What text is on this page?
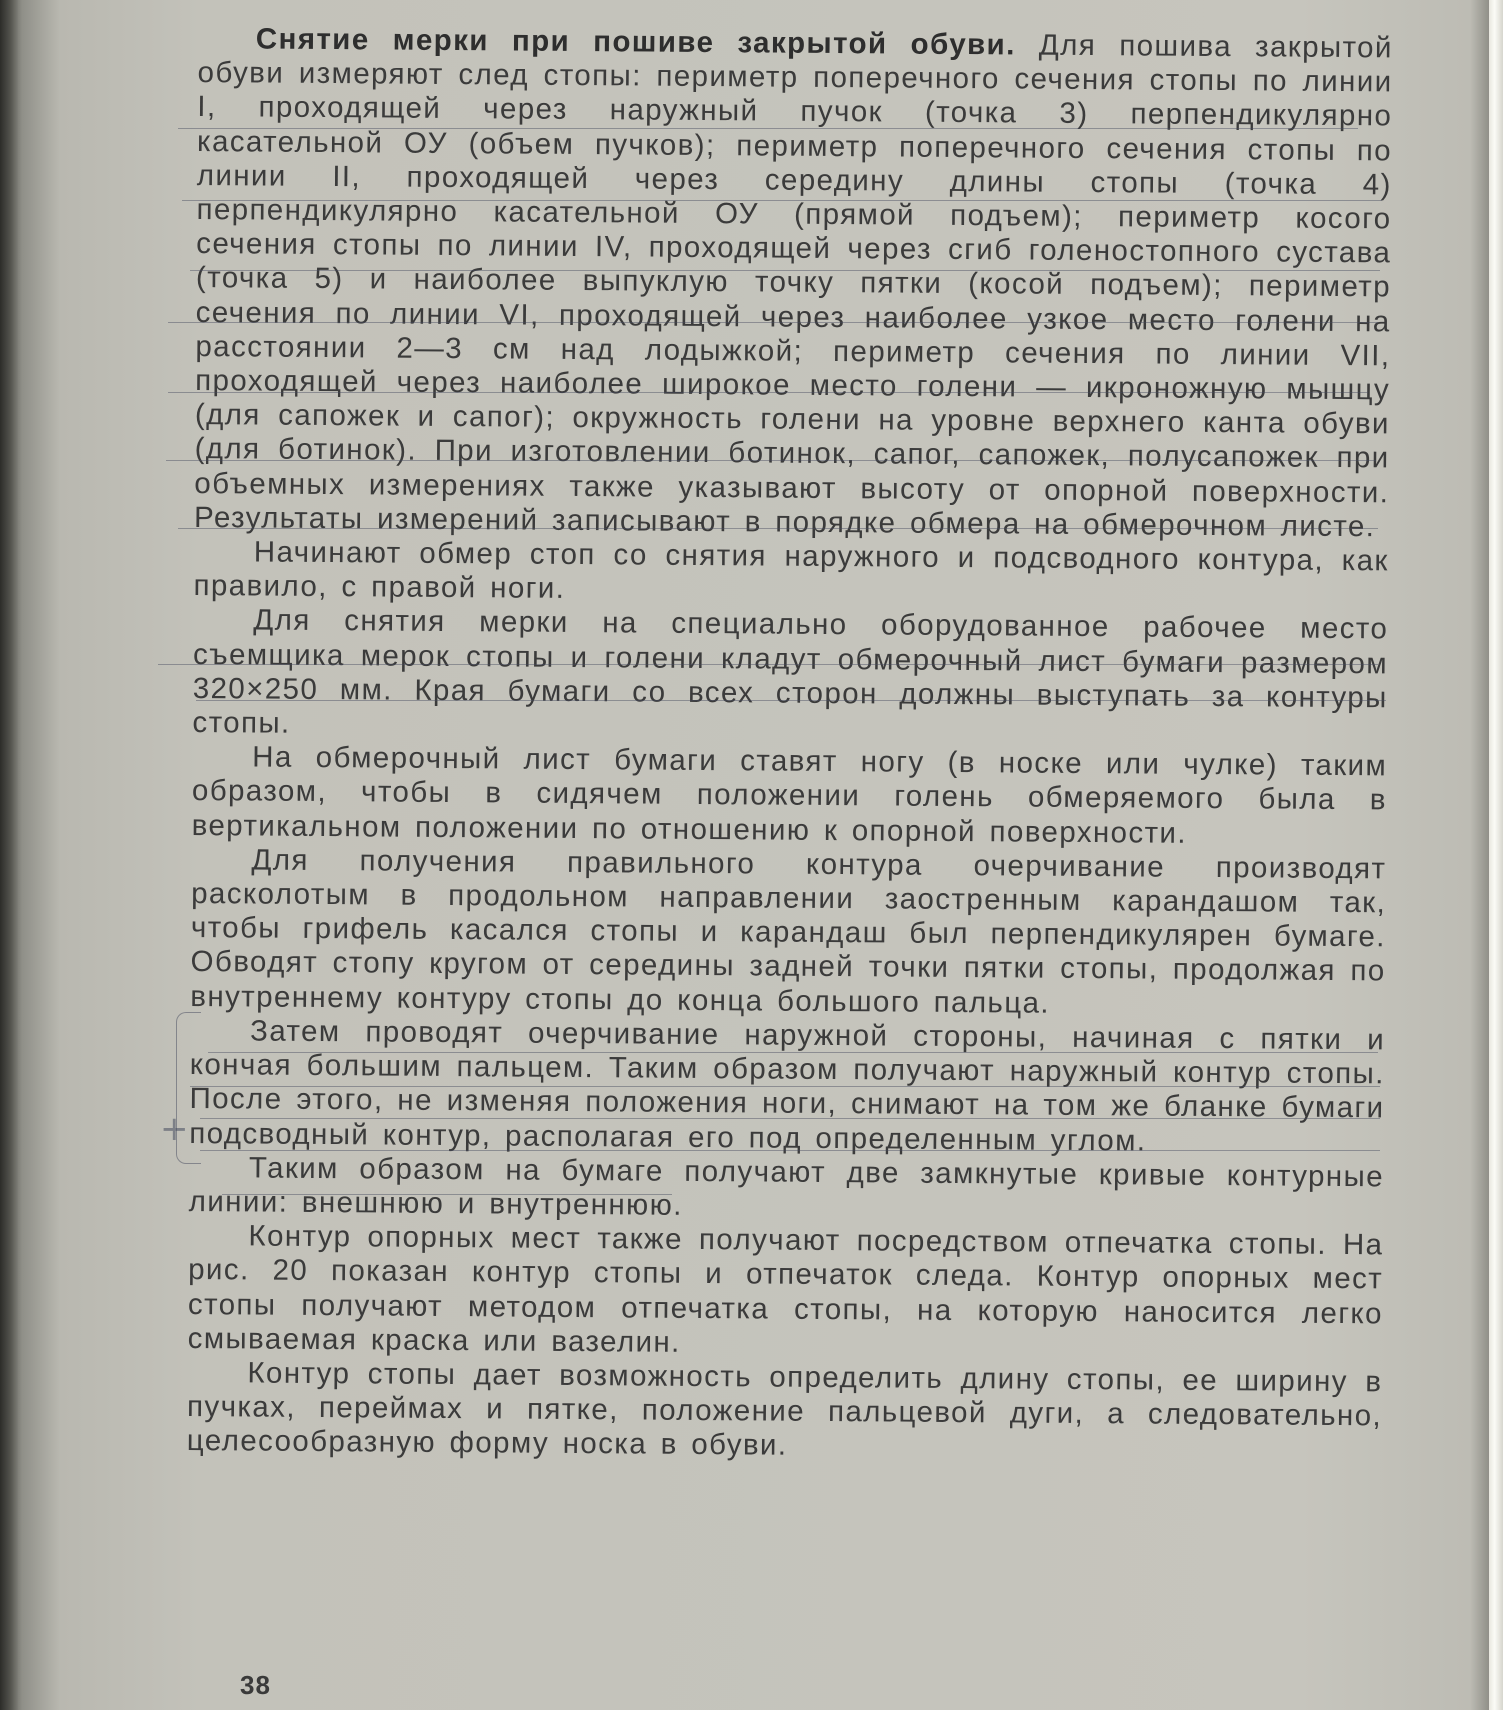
Снятие мерки при пошиве закрытой обуви. Для пошива закрытой обуви измеряют след стопы: периметр поперечного сечения стопы по линии I, проходящей через наружный пучок (точка 3) перпендикулярно касательной ОУ (объем пучков); периметр поперечного сечения стопы по линии II, проходящей через середину длины стопы (точка 4) перпендикулярно касательной ОУ (прямой подъем); периметр косого сечения стопы по линии IV, проходящей через сгиб голеностопного сустава (точка 5) и наиболее выпуклую точку пятки (косой подъем); периметр сечения по линии VI, проходящей через наиболее узкое место голени на расстоянии 2—3 см над лодыжкой; периметр сечения по линии VII, проходящей через наиболее широкое место голени — икроножную мышцу (для сапожек и сапог); окружность голени на уровне верхнего канта обуви (для ботинок). При изготовлении ботинок, сапог, сапожек, полусапожек при объемных измерениях также указывают высоту от опорной поверхности. Результаты измерений записывают в порядке обмера на обмерочном листе.

Начинают обмер стоп со снятия наружного и подсводного контура, как правило, с правой ноги.

Для снятия мерки на специально оборудованное рабочее место съемщика мерок стопы и голени кладут обмерочный лист бумаги размером 320×250 мм. Края бумаги со всех сторон должны выступать за контуры стопы.

На обмерочный лист бумаги ставят ногу (в носке или чулке) таким образом, чтобы в сидячем положении голень обмеряемого была в вертикальном положении по отношению к опорной поверхности.

Для получения правильного контура очерчивание производят расколотым в продольном направлении заостренным карандашом так, чтобы грифель касался стопы и карандаш был перпендикулярен бумаге. Обводят стопу кругом от середины задней точки пятки стопы, продолжая по внутреннему контуру стопы до конца большого пальца.

Затем проводят очерчивание наружной стороны, начиная с пятки и кончая большим пальцем. Таким образом получают наружный контур стопы. После этого, не изменяя положения ноги, снимают на том же бланке бумаги подсводный контур, располагая его под определенным углом.

Таким образом на бумаге получают две замкнутые кривые контурные линии: внешнюю и внутреннюю.

Контур опорных мест также получают посредством отпечатка стопы. На рис. 20 показан контур стопы и отпечаток следа. Контур опорных мест стопы получают методом отпечатка стопы, на которую наносится легко смываемая краска или вазелин.

Контур стопы дает возможность определить длину стопы, ее ширину в пучках, переймах и пятке, положение пальцевой дуги, а следовательно, целесообразную форму носка в обуви.

+
38
